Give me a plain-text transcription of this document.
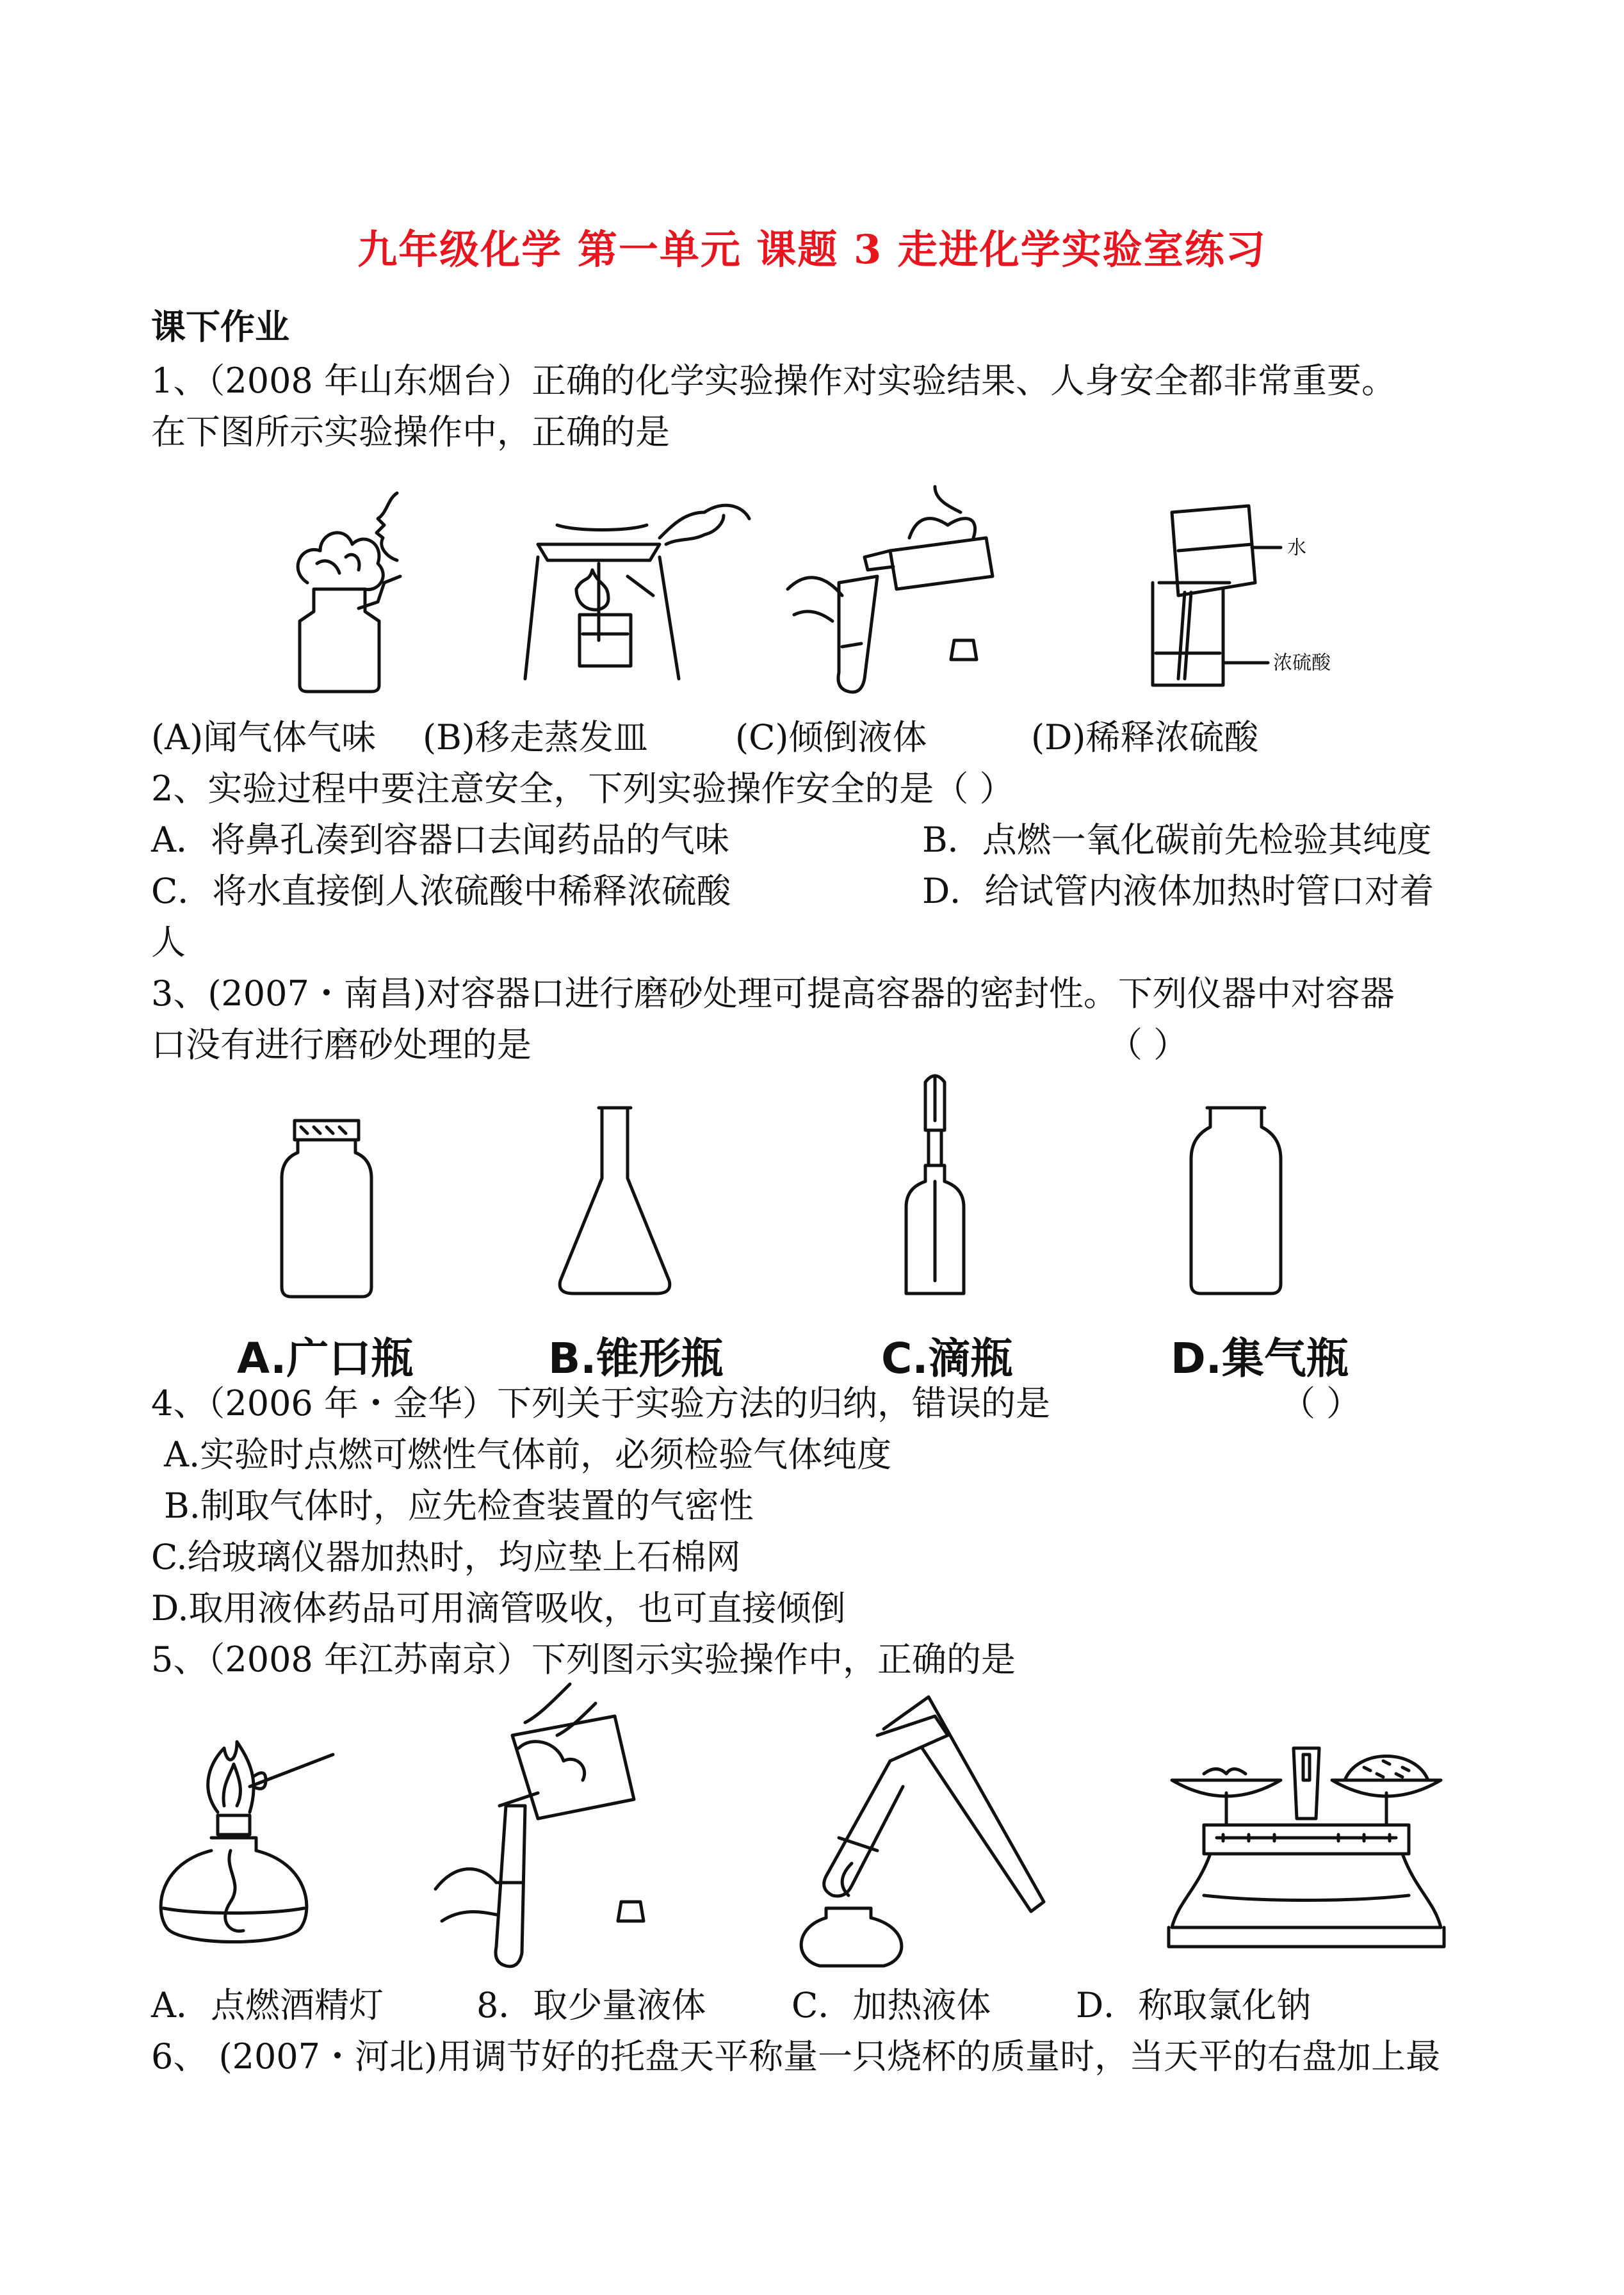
九年级化学 第一单元 课题 3 走进化学实验室练习
课下作业
1、（2008 年山东烟台）正确的化学实验操作对实验结果、人身安全都非常重要。
在下图所示实验操作中，正确的是
水
浓硫酸
(A)闻气体气味 (B)移走蒸发皿	(C)倾倒液体	(D)稀释浓硫酸
2、实验过程中要注意安全，下列实验操作安全的是（ ）
A．将鼻孔凑到容器口去闻药品的气味	B．点燃一氧化碳前先检验其纯度
C．将水直接倒人浓硫酸中稀释浓硫酸	D．给试管内液体加热时管口对着
人
3、(2007・南昌)对容器口进行磨砂处理可提高容器的密封性。下列仪器中对容器
口没有进行磨砂处理的是	（ ）
A.广口瓶	B.锥形瓶	C.滴瓶	D.集气瓶
4、（2006 年・金华）下列关于实验方法的归纳，错误的是	（ ）
A.实验时点燃可燃性气体前，必须检验气体纯度
B.制取气体时，应先检查装置的气密性
C.给玻璃仪器加热时，均应垫上石棉网
D.取用液体药品可用滴管吸收，也可直接倾倒
5、（2008 年江苏南京）下列图示实验操作中，正确的是
A．点燃酒精灯	8．取少量液体 C．加热液体 D．称取氯化钠
6、 (2007・河北)用调节好的托盘天平称量一只烧杯的质量时，当天平的右盘加上最
